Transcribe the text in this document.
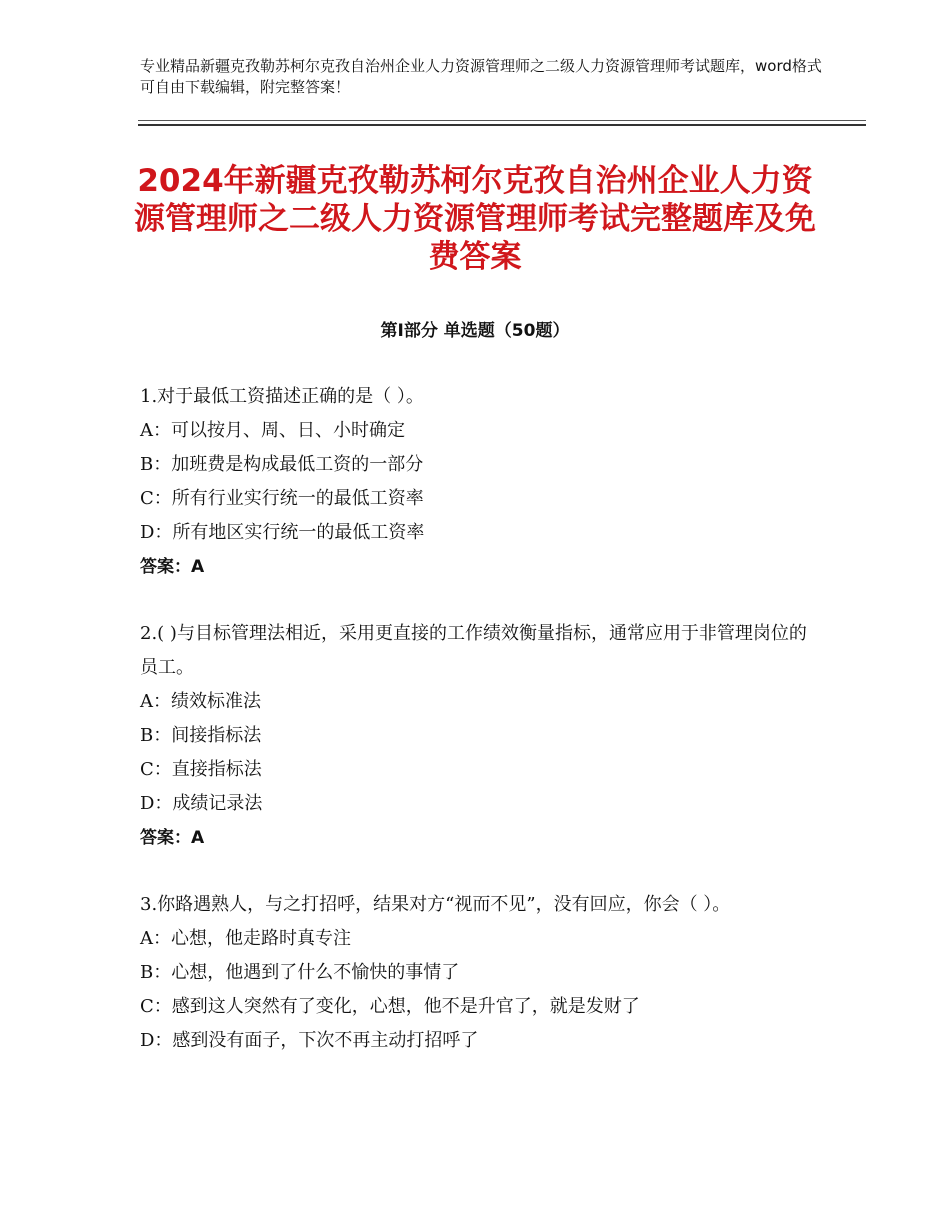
专业精品新疆克孜勒苏柯尔克孜自治州企业人力资源管理师之二级人力资源管理师考试题库，word格式可自由下载编辑，附完整答案！
2024年新疆克孜勒苏柯尔克孜自治州企业人力资源管理师之二级人力资源管理师考试完整题库及免费答案
第Ⅰ部分 单选题（50题）

1.对于最低工资描述正确的是（ ）。

A：可以按月、周、日、小时确定

B：加班费是构成最低工资的一部分

C：所有行业实行统一的最低工资率

D：所有地区实行统一的最低工资率

答案：A

2.( )与目标管理法相近，采用更直接的工作绩效衡量指标，通常应用于非管理岗位的员工。

A：绩效标准法

B：间接指标法

C：直接指标法

D：成绩记录法

答案：A

3.你路遇熟人，与之打招呼，结果对方“视而不见”，没有回应，你会（ ）。

A：心想，他走路时真专注

B：心想，他遇到了什么不愉快的事情了

C：感到这人突然有了变化，心想，他不是升官了，就是发财了

D：感到没有面子，下次不再主动打招呼了
